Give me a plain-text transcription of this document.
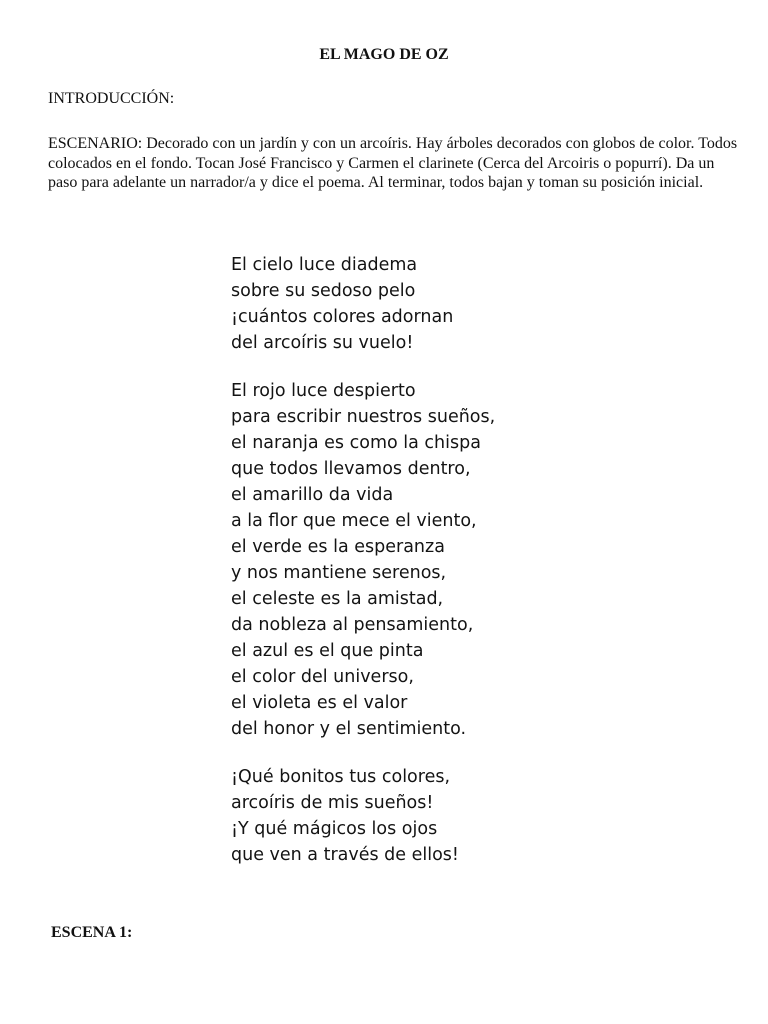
EL MAGO DE OZ
INTRODUCCIÓN:

ESCENARIO: Decorado con un jardín y con un arcoíris. Hay árboles decorados con globos de color. Todos colocados en el fondo. Tocan José Francisco y Carmen el clarinete (Cerca del Arcoiris o popurrí). Da un paso para adelante un narrador/a y dice el poema. Al terminar, todos bajan y toman su posición inicial.

El cielo luce diadema
sobre su sedoso pelo
¡cuántos colores adornan
del arcoíris su vuelo!
El rojo luce despierto
para escribir nuestros sueños,
el naranja es como la chispa
que todos llevamos dentro,
el amarillo da vida
a la flor que mece el viento,
el verde es la esperanza
y nos mantiene serenos,
el celeste es la amistad,
da nobleza al pensamiento,
el azul es el que pinta
el color del universo,
el violeta es el valor
del honor y el sentimiento.
¡Qué bonitos tus colores,
arcoíris de mis sueños!
¡Y qué mágicos los ojos
que ven a través de ellos!
ESCENA 1:
